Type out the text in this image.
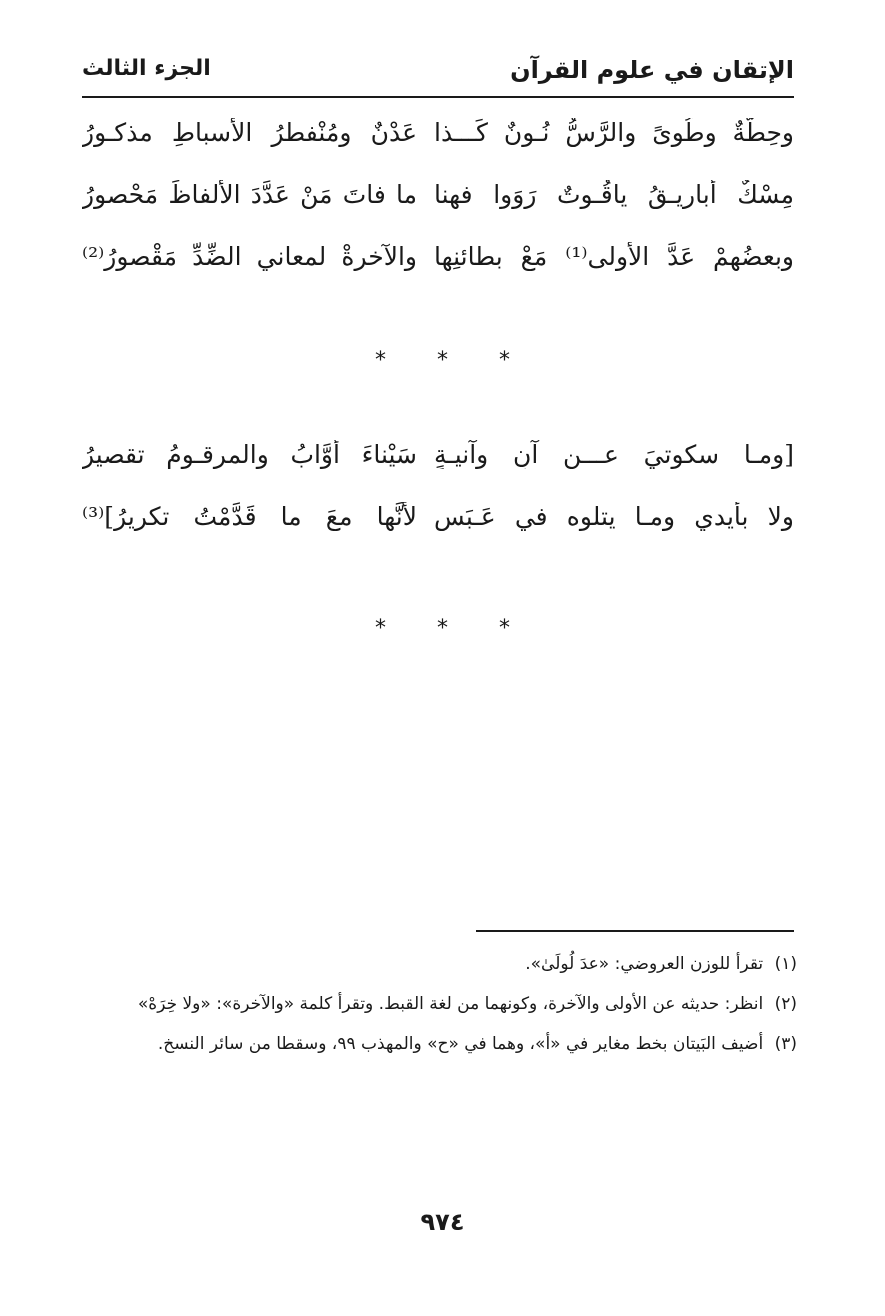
الإتقان في علوم القرآن
الجزء الثالث
وحِطَّةٌ وطُوىً والرَّسُّ نُـونٌ كَـــذا
عَدْنٌ ومُنْفطرُ الأسباطِ مذكـورُ
مِسْكٌ أباريـقُ ياقُـوتٌ رَوَوا فهنا
ما فاتَ مَنْ عَدَّدَ الألفاظَ مَحْصورُ
وبعضُهمْ عَدَّ الأُولى⁽¹⁾ مَعْ بطائنِها
والآخرةْ لمعاني الضِّدِّ مَقْصورُ⁽²⁾
* * *
[ومـا سكوتيَ عـــن آنٍ وآنيـةٍ
سَيْناءَ أوَّابُ والمرقـومُ تقصيرُ
ولا بأيدي ومـا يتلوه في عَـبَسٍ
لأنَّها معَ ما قَدَّمْتُ تكريرُ]⁽³⁾
* * *

(١) تقرأ للوزن العروضي: «عدَ لُولَىٰ».

(٢) انظر: حديثه عن الأولى والآخرة، وكونهما من لغة القبط. وتقرأ كلمة «والآخرة»: «ولا خِرَهْ»

(٣) أضيف البَيتان بخط مغاير في «أ»، وهما في «ح» والمهذب ٩٩، وسقطا من سائر النسخ.

٩٧٤
